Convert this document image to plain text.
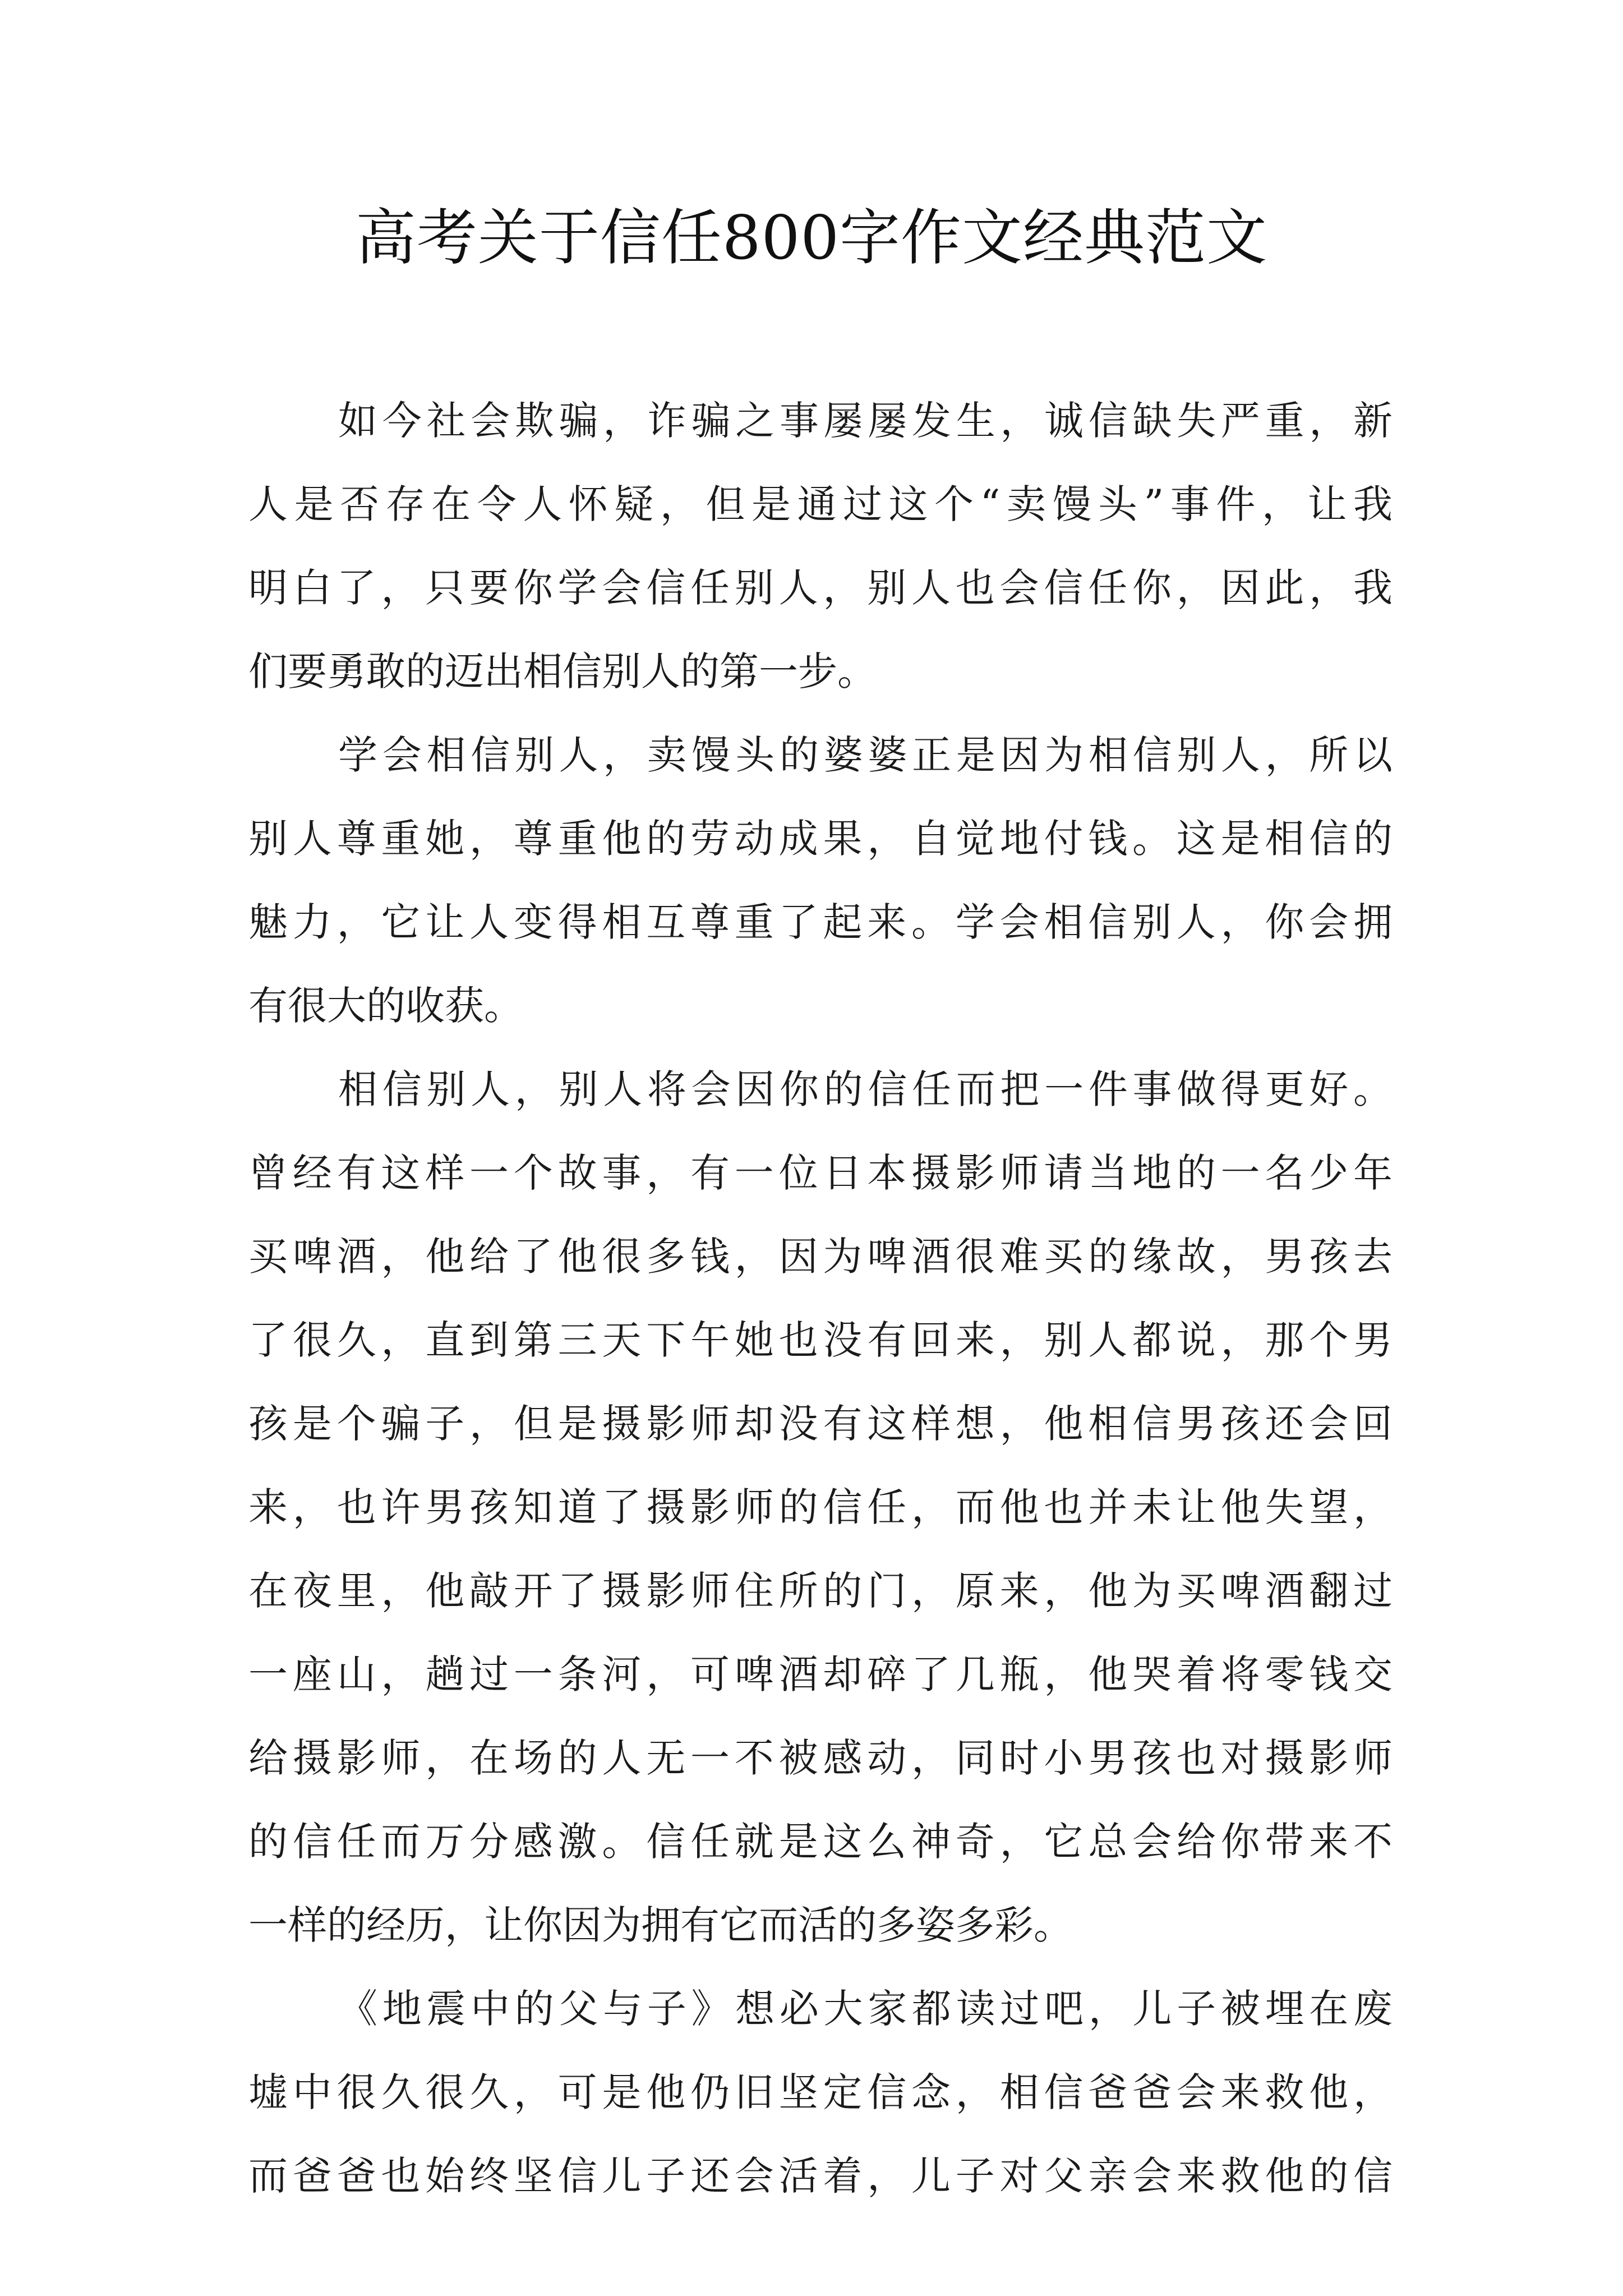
高考关于信任800字作文经典范文
如今社会欺骗，诈骗之事屡屡发生，诚信缺失严重，新
人是否存在令人怀疑，但是通过这个“卖馒头”事件，让我
明白了，只要你学会信任别人，别人也会信任你，因此，我
们要勇敢的迈出相信别人的第一步。
学会相信别人，卖馒头的婆婆正是因为相信别人，所以
别人尊重她，尊重他的劳动成果，自觉地付钱。这是相信的
魅力，它让人变得相互尊重了起来。学会相信别人，你会拥
有很大的收获。
相信别人，别人将会因你的信任而把一件事做得更好。
曾经有这样一个故事，有一位日本摄影师请当地的一名少年
买啤酒，他给了他很多钱，因为啤酒很难买的缘故，男孩去
了很久，直到第三天下午她也没有回来，别人都说，那个男
孩是个骗子，但是摄影师却没有这样想，他相信男孩还会回
来，也许男孩知道了摄影师的信任，而他也并未让他失望，
在夜里，他敲开了摄影师住所的门，原来，他为买啤酒翻过
一座山，趟过一条河，可啤酒却碎了几瓶，他哭着将零钱交
给摄影师，在场的人无一不被感动，同时小男孩也对摄影师
的信任而万分感激。信任就是这么神奇，它总会给你带来不
一样的经历，让你因为拥有它而活的多姿多彩。
《地震中的父与子》想必大家都读过吧，儿子被埋在废
墟中很久很久，可是他仍旧坚定信念，相信爸爸会来救他，
而爸爸也始终坚信儿子还会活着，儿子对父亲会来救他的信
